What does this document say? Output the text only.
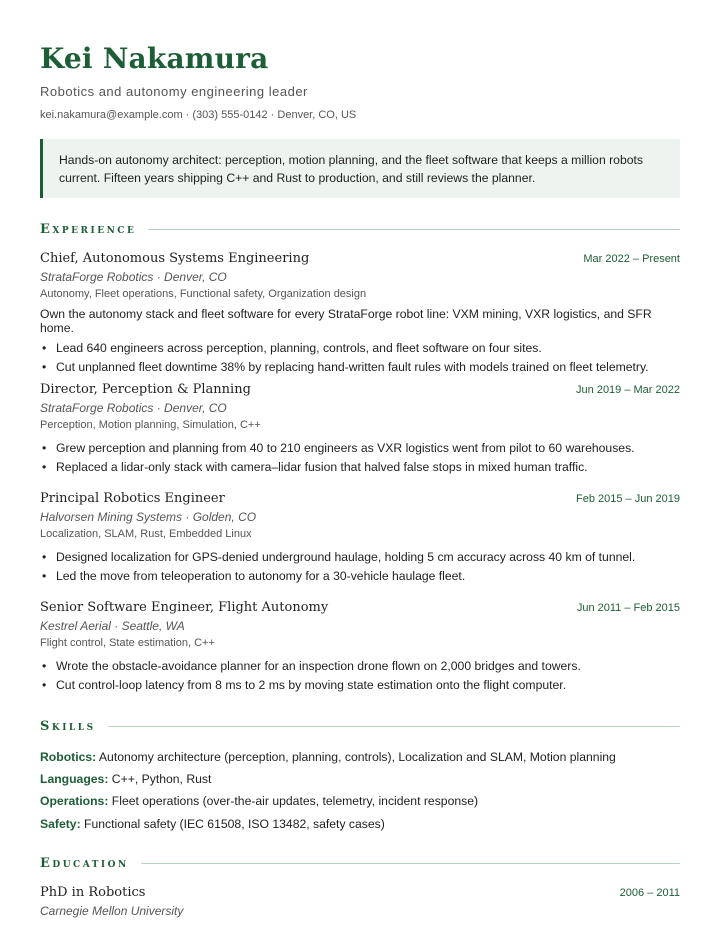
Kei Nakamura
Robotics and autonomy engineering leader
kei.nakamura@example.com · (303) 555-0142 · Denver, CO, US
Hands-on autonomy architect: perception, motion planning, and the fleet software that keeps a million robots current. Fifteen years shipping C++ and Rust to production, and still reviews the planner.
Experience
Chief, Autonomous Systems Engineering	Mar 2022 – Present
StrataForge Robotics · Denver, CO
Autonomy, Fleet operations, Functional safety, Organization design
Own the autonomy stack and fleet software for every StrataForge robot line: VXM mining, VXR logistics, and SFR home.
• Lead 640 engineers across perception, planning, controls, and fleet software on four sites.
• Cut unplanned fleet downtime 38% by replacing hand-written fault rules with models trained on fleet telemetry.
Director, Perception & Planning	Jun 2019 – Mar 2022
StrataForge Robotics · Denver, CO
Perception, Motion planning, Simulation, C++
• Grew perception and planning from 40 to 210 engineers as VXR logistics went from pilot to 60 warehouses.
• Replaced a lidar-only stack with camera–lidar fusion that halved false stops in mixed human traffic.
Principal Robotics Engineer	Feb 2015 – Jun 2019
Halvorsen Mining Systems · Golden, CO
Localization, SLAM, Rust, Embedded Linux
• Designed localization for GPS-denied underground haulage, holding 5 cm accuracy across 40 km of tunnel.
• Led the move from teleoperation to autonomy for a 30-vehicle haulage fleet.
Senior Software Engineer, Flight Autonomy	Jun 2011 – Feb 2015
Kestrel Aerial · Seattle, WA
Flight control, State estimation, C++
• Wrote the obstacle-avoidance planner for an inspection drone flown on 2,000 bridges and towers.
• Cut control-loop latency from 8 ms to 2 ms by moving state estimation onto the flight computer.
Skills
Robotics: Autonomy architecture (perception, planning, controls), Localization and SLAM, Motion planning
Languages: C++, Python, Rust
Operations: Fleet operations (over-the-air updates, telemetry, incident response)
Safety: Functional safety (IEC 61508, ISO 13482, safety cases)
Education
PhD in Robotics	2006 – 2011
Carnegie Mellon University
